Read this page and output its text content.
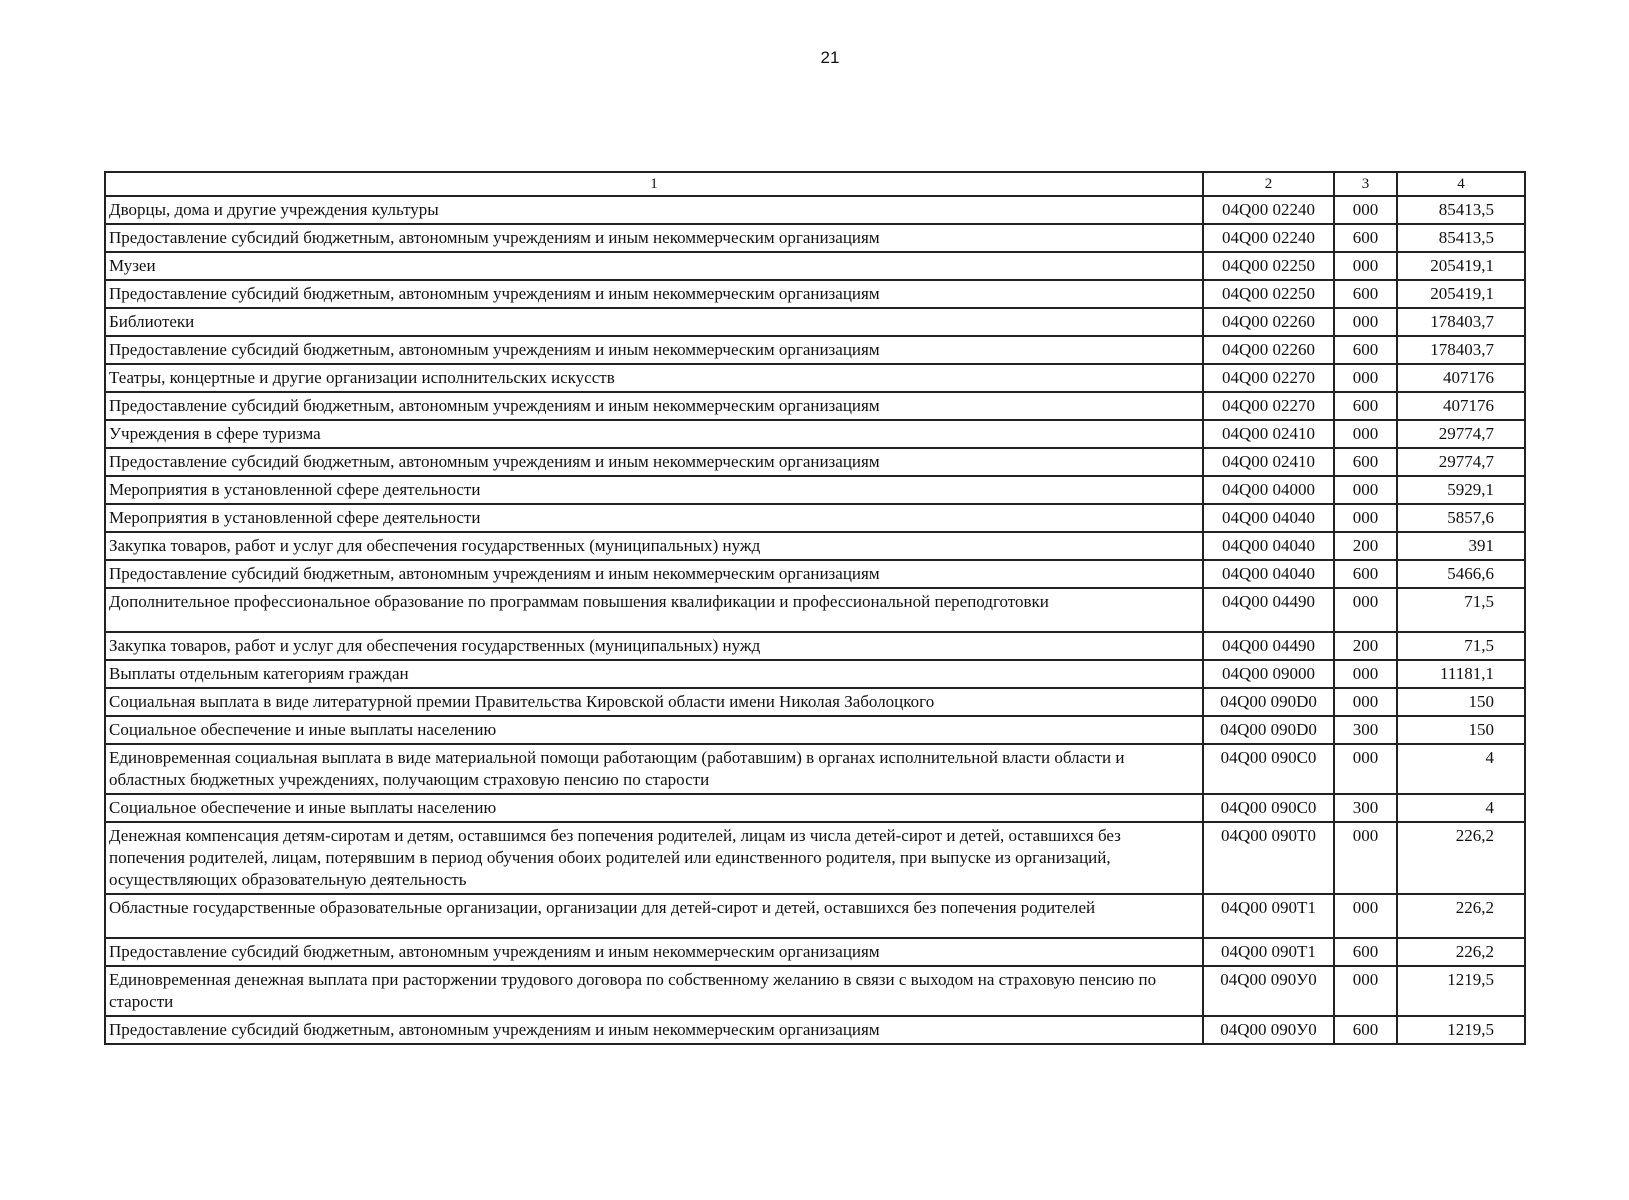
21
1	2	3	4
Дворцы, дома и другие учреждения культуры	04Q00 02240	000	85413,5
Предоставление субсидий бюджетным, автономным учреждениям и иным некоммерческим организациям	04Q00 02240	600	85413,5
Музеи	04Q00 02250	000	205419,1
Предоставление субсидий бюджетным, автономным учреждениям и иным некоммерческим организациям	04Q00 02250	600	205419,1
Библиотеки	04Q00 02260	000	178403,7
Предоставление субсидий бюджетным, автономным учреждениям и иным некоммерческим организациям	04Q00 02260	600	178403,7
Театры, концертные и другие организации исполнительских искусств	04Q00 02270	000	407176
Предоставление субсидий бюджетным, автономным учреждениям и иным некоммерческим организациям	04Q00 02270	600	407176
Учреждения в сфере туризма	04Q00 02410	000	29774,7
Предоставление субсидий бюджетным, автономным учреждениям и иным некоммерческим организациям	04Q00 02410	600	29774,7
Мероприятия в установленной сфере деятельности	04Q00 04000	000	5929,1
Мероприятия в установленной сфере деятельности	04Q00 04040	000	5857,6
Закупка товаров, работ и услуг для обеспечения государственных (муниципальных) нужд	04Q00 04040	200	391
Предоставление субсидий бюджетным, автономным учреждениям и иным некоммерческим организациям	04Q00 04040	600	5466,6
Дополнительное профессиональное образование по программам повышения квалификации и профессиональной переподготовки	04Q00 04490	000	71,5
Закупка товаров, работ и услуг для обеспечения государственных (муниципальных) нужд	04Q00 04490	200	71,5
Выплаты отдельным категориям граждан	04Q00 09000	000	11181,1
Социальная выплата в виде литературной премии Правительства Кировской области имени Николая Заболоцкого	04Q00 090D0	000	150
Социальное обеспечение и иные выплаты населению	04Q00 090D0	300	150
Единовременная социальная выплата в виде материальной помощи работающим (работавшим) в органах исполнительной власти области и областных бюджетных учреждениях, получающим страховую пенсию по старости	04Q00 090C0	000	4
Социальное обеспечение и иные выплаты населению	04Q00 090C0	300	4
Денежная компенсация детям-сиротам и детям, оставшимся без попечения родителей, лицам из числа детей-сирот и детей, оставшихся без попечения родителей, лицам, потерявшим в период обучения обоих родителей или единственного родителя, при выпуске из организаций, осуществляющих образовательную деятельность	04Q00 090T0	000	226,2
Областные государственные образовательные организации, организации для детей-сирот и детей, оставшихся без попечения родителей	04Q00 090T1	000	226,2
Предоставление субсидий бюджетным, автономным учреждениям и иным некоммерческим организациям	04Q00 090T1	600	226,2
Единовременная денежная выплата при расторжении трудового договора по собственному желанию в связи с выходом на страховую пенсию по старости	04Q00 090У0	000	1219,5
Предоставление субсидий бюджетным, автономным учреждениям и иным некоммерческим организациям	04Q00 090У0	600	1219,5
